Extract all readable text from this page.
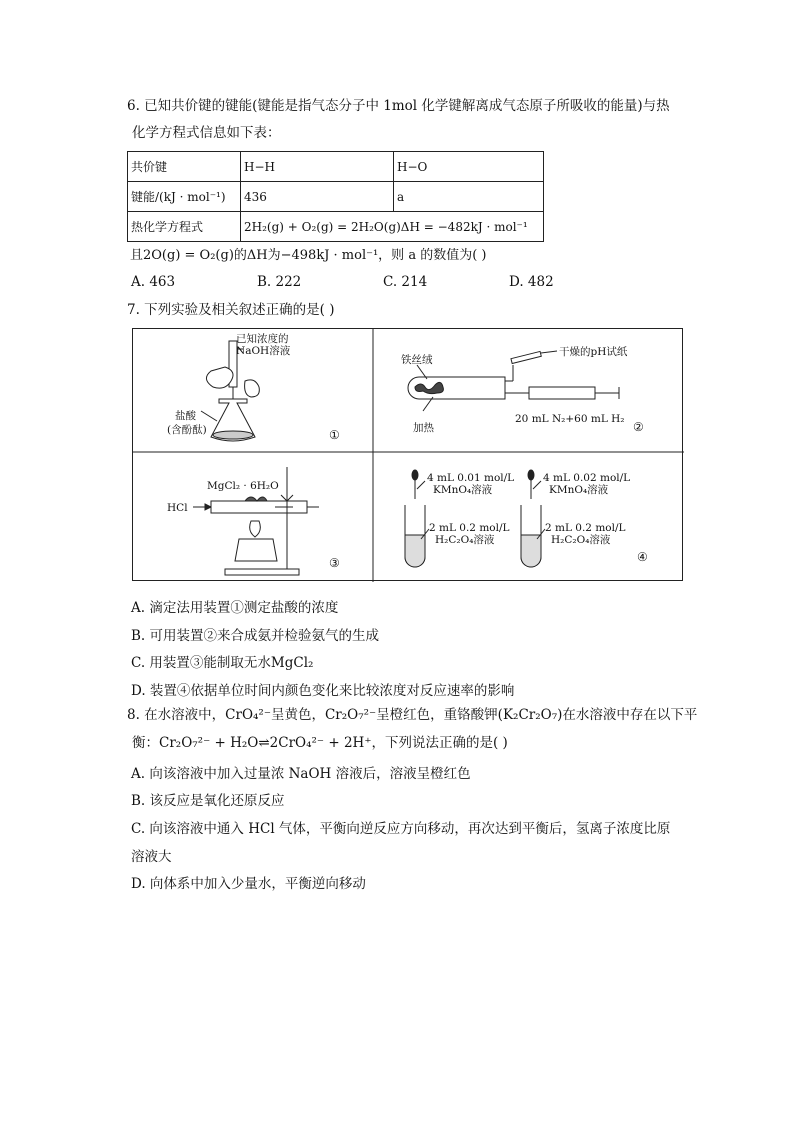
6. 已知共价键的键能(键能是指气态分子中 1mol 化学键解离成气态原子所吸收的能量)与热
化学方程式信息如下表：
共价键	H−H	H−O
键能/(kJ · mol⁻¹)	436	a
热化学方程式	2H₂(g) + O₂(g) = 2H₂O(g)ΔH = −482kJ · mol⁻¹	
且2O(g) = O₂(g)的ΔH为−498kJ · mol⁻¹，则 a 的数值为( )
A. 463	B. 222	C. 214	D. 482
7. 下列实验及相关叙述正确的是( )
已知浓度的
NaOH溶液
盐酸
(含酚酞)	①
铁丝绒
干燥的pH试纸
加热
20 mL N₂+60 mL H₂
②
MgCl₂ · 6H₂O
HCl
③
4 mL 0.01 mol/L
KMnO₄溶液
2 mL 0.2 mol/L
H₂C₂O₄溶液
4 mL 0.02 mol/L
KMnO₄溶液
2 mL 0.2 mol/L
H₂C₂O₄溶液
④
A. 滴定法用装置①测定盐酸的浓度
B. 可用装置②来合成氨并检验氨气的生成
C. 用装置③能制取无水MgCl₂
D. 装置④依据单位时间内颜色变化来比较浓度对反应速率的影响
8. 在水溶液中，CrO₄²⁻呈黄色，Cr₂O₇²⁻呈橙红色，重铬酸钾(K₂Cr₂O₇)在水溶液中存在以下平
衡：Cr₂O₇²⁻ + H₂O⇌2CrO₄²⁻ + 2H⁺，下列说法正确的是( )
A. 向该溶液中加入过量浓 NaOH 溶液后，溶液呈橙红色
B. 该反应是氧化还原反应
C. 向该溶液中通入 HCl 气体，平衡向逆反应方向移动，再次达到平衡后，氢离子浓度比原
溶液大
D. 向体系中加入少量水，平衡逆向移动
